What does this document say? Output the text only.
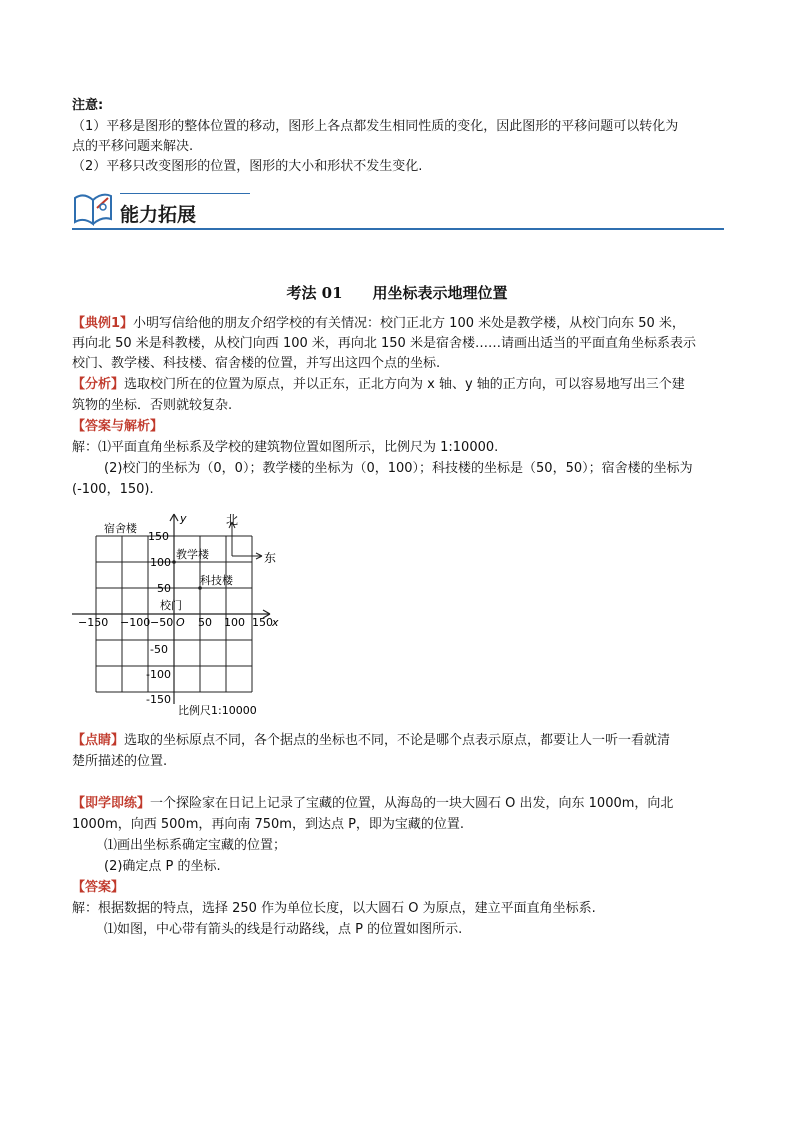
注意:
（1）平移是图形的整体位置的移动，图形上各点都发生相同性质的变化，因此图形的平移问题可以转化为
点的平移问题来解决.
（2）平移只改变图形的位置，图形的大小和形状不发生变化.
能力拓展
考法 01　　用坐标表示地理位置
【典例1】小明写信给他的朋友介绍学校的有关情况：校门正北方 100 米处是教学楼，从校门向东 50 米，
再向北 50 米是科教楼，从校门向西 100 米，再向北 150 米是宿舍楼……请画出适当的平面直角坐标系表示
校门、教学楼、科技楼、宿舍楼的位置，并写出这四个点的坐标.
【分析】选取校门所在的位置为原点，并以正东，正北方向为 x 轴、y 轴的正方向，可以容易地写出三个建
筑物的坐标．否则就较复杂.
【答案与解析】
解：⑴平面直角坐标系及学校的建筑物位置如图所示，比例尺为 1:10000.
(2)校门的坐标为（0，0）；教学楼的坐标为（0，100）；科技楼的坐标是（50，50）；宿舍楼的坐标为
(-100，150).
北
东
y
x
O
150
100
50
-50
-100
-150
−150 −100 −50 50 100 150
宿舍楼
教学楼
科技楼
校门
比例尺1:10000
【点睛】选取的坐标原点不同，各个据点的坐标也不同，不论是哪个点表示原点，都要让人一听一看就清
楚所描述的位置.
【即学即练】一个探险家在日记上记录了宝藏的位置，从海岛的一块大圆石 O 出发，向东 1000m，向北
1000m，向西 500m，再向南 750m，到达点 P，即为宝藏的位置.
⑴画出坐标系确定宝藏的位置；
(2)确定点 P 的坐标.
【答案】
解：根据数据的特点，选择 250 作为单位长度，以大圆石 O 为原点，建立平面直角坐标系.
⑴如图，中心带有箭头的线是行动路线，点 P 的位置如图所示.
